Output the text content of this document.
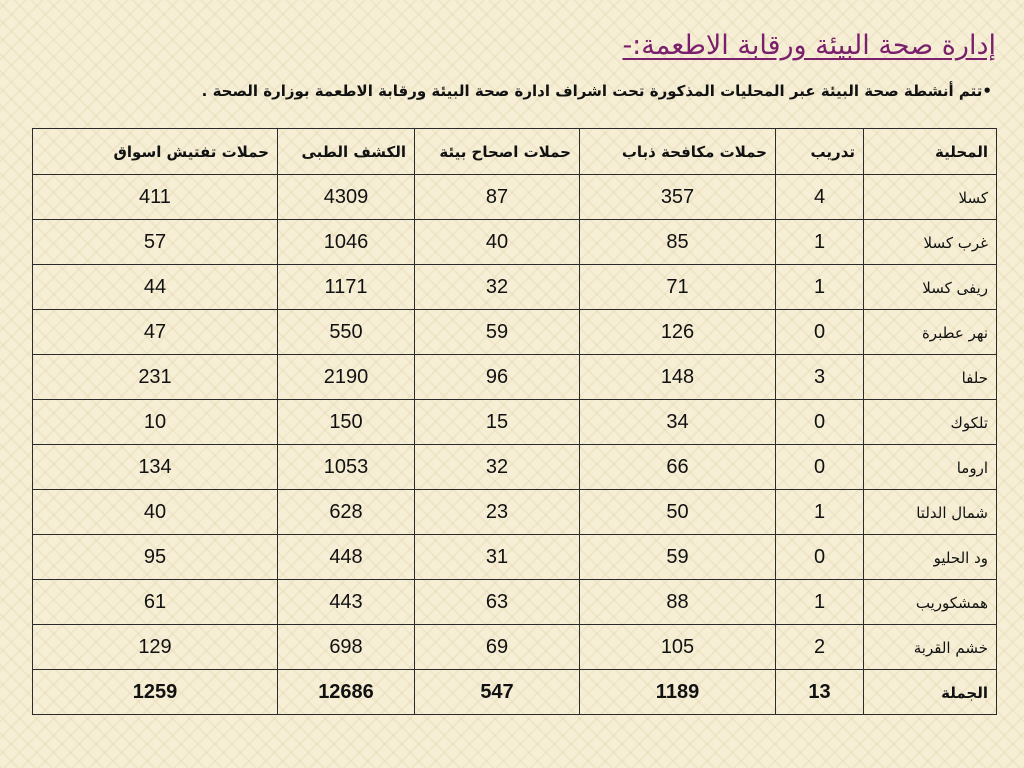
إدارة صحة البيئة ورقابة الاطعمة:-
•تتم أنشطة صحة البيئة عبر المحليات المذكورة تحت اشراف ادارة صحة البيئة ورقابة الاطعمة بوزارة الصحة .
المحلية	تدريب	حملات مكافحة ذباب	حملات اصحاح بيئة	الكشف الطبى	حملات تفتيش اسواق
كسلا	4	357	87	4309	411
غرب كسلا	1	85	40	1046	57
ريفى كسلا	1	71	32	1171	44
نهر عطبرة	0	126	59	550	47
حلفا	3	148	96	2190	231
تلكوك	0	34	15	150	10
اروما	0	66	32	1053	134
شمال الدلتا	1	50	23	628	40
ود الحليو	0	59	31	448	95
همشكوريب	1	88	63	443	61
خشم القربة	2	105	69	698	129
الجملة	13	1189	547	12686	1259
